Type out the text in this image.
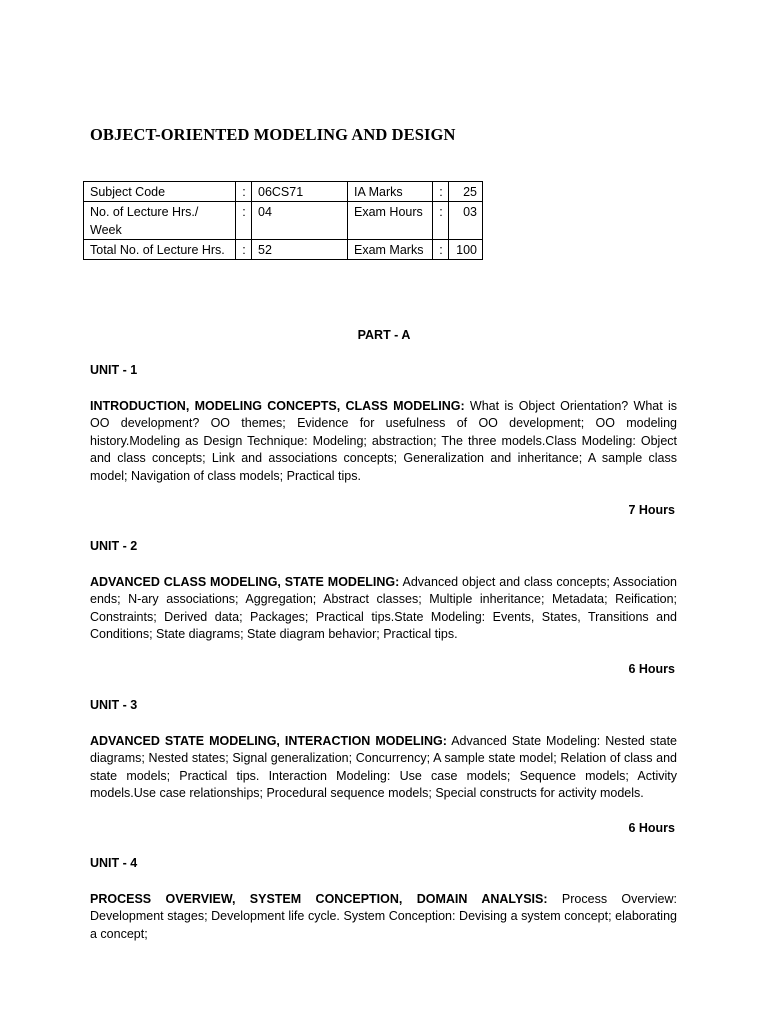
OBJECT-ORIENTED MODELING AND DESIGN
Subject Code	:	06CS71	IA Marks	:	25
No. of Lecture Hrs./ Week	:	04	Exam Hours	:	03
Total No. of Lecture Hrs.	:	52	Exam Marks	:	100
PART - A
UNIT - 1

INTRODUCTION, MODELING CONCEPTS, CLASS MODELING: What is Object Orientation? What is OO development? OO themes; Evidence for usefulness of OO development; OO modeling history.Modeling as Design Technique: Modeling; abstraction; The three models.Class Modeling: Object and class concepts; Link and associations concepts; Generalization and inheritance; A sample class model; Navigation of class models; Practical tips.

7 Hours
UNIT - 2

ADVANCED CLASS MODELING, STATE MODELING: Advanced object and class concepts; Association ends; N-ary associations; Aggregation; Abstract classes; Multiple inheritance; Metadata; Reification; Constraints; Derived data; Packages; Practical tips.State Modeling: Events, States, Transitions and Conditions; State diagrams; State diagram behavior; Practical tips.

6 Hours
UNIT - 3

ADVANCED STATE MODELING, INTERACTION MODELING: Advanced State Modeling: Nested state diagrams; Nested states; Signal generalization; Concurrency; A sample state model; Relation of class and state models; Practical tips. Interaction Modeling: Use case models; Sequence models; Activity models.Use case relationships; Procedural sequence models; Special constructs for activity models.

6 Hours
UNIT - 4

PROCESS OVERVIEW, SYSTEM CONCEPTION, DOMAIN ANALYSIS: Process Overview: Development stages; Development life cycle. System Conception: Devising a system concept; elaborating a concept;
